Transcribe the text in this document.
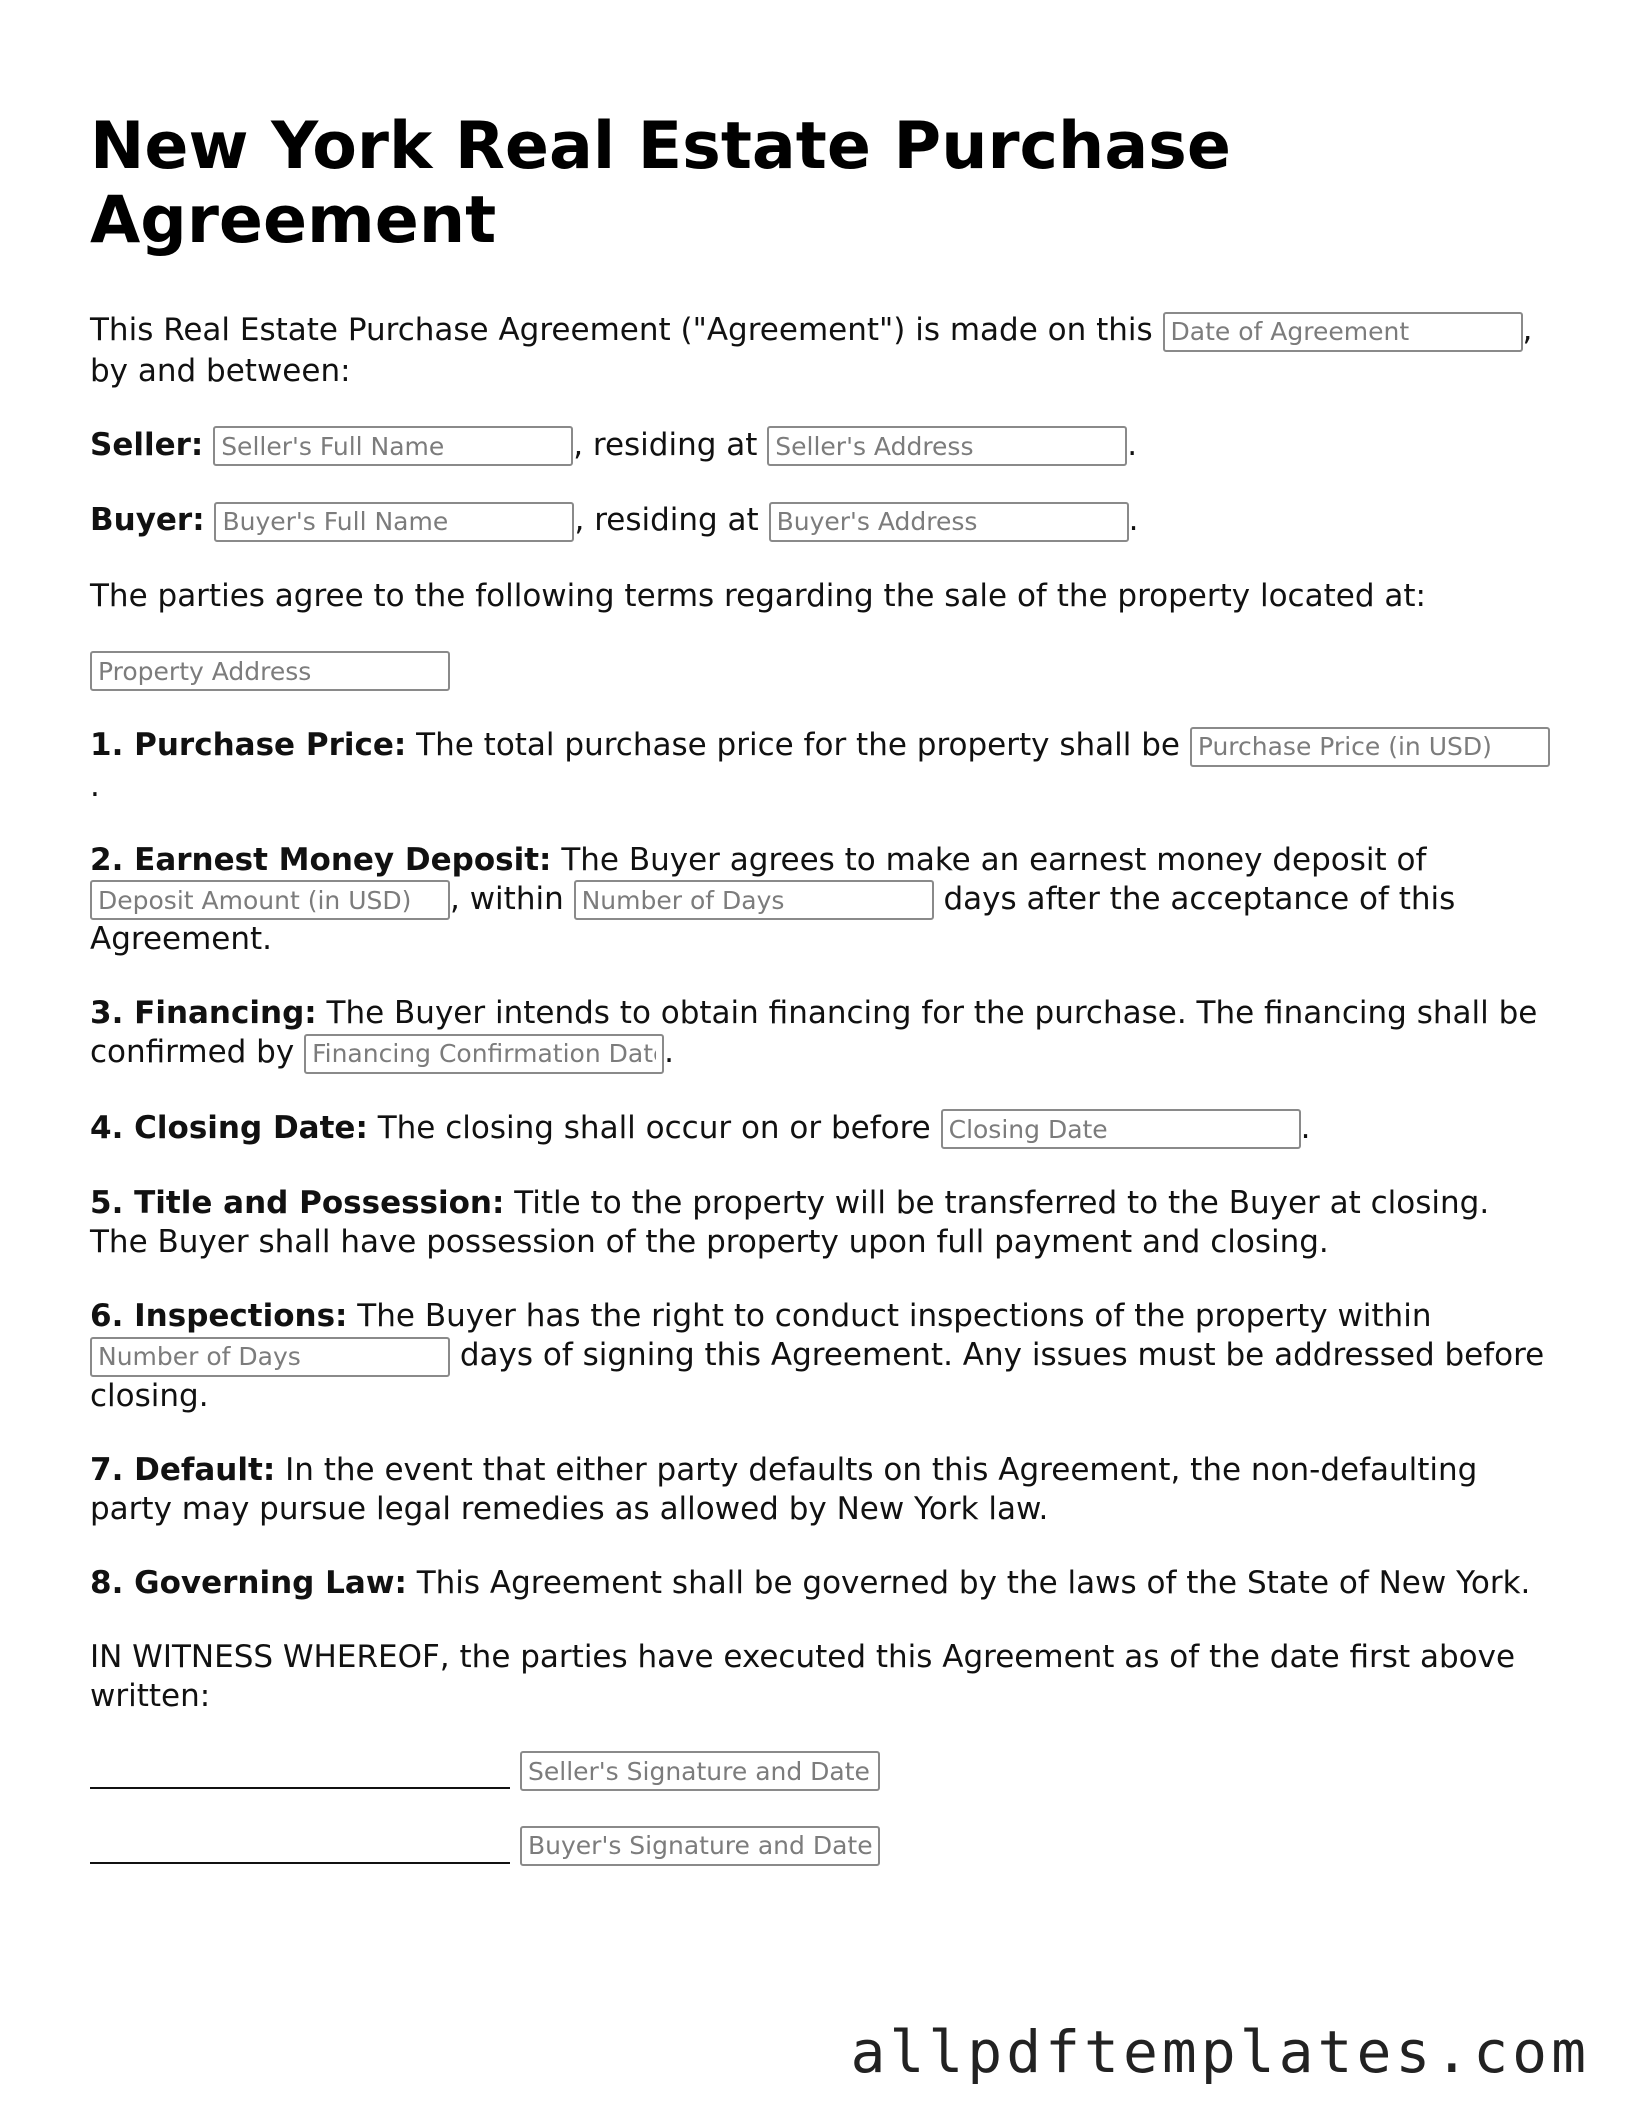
New York Real Estate Purchase Agreement

This Real Estate Purchase Agreement ("Agreement") is made on this Date of Agreement	, by and between:

Seller: Seller's Full Name	, residing at Seller's Address	.

Buyer: Buyer's Full Name	, residing at Buyer's Address	.

The parties agree to the following terms regarding the sale of the property located at:

Property Address

1. Purchase Price: The total purchase price for the property shall be Purchase Price (in USD).

2. Earnest Money Deposit: The Buyer agrees to make an earnest money deposit of Deposit Amount (in USD), within Number of Days	days after the acceptance of this Agreement.

3. Financing: The Buyer intends to obtain financing for the purchase. The financing shall be confirmed by Financing Confirmation Date	.

4. Closing Date: The closing shall occur on or before Closing Date	.

5. Title and Possession: Title to the property will be transferred to the Buyer at closing. The Buyer shall have possession of the property upon full payment and closing.

6. Inspections: The Buyer has the right to conduct inspections of the property within Number of Days days of signing this Agreement. Any issues must be addressed before closing.

7. Default: In the event that either party defaults on this Agreement, the non-defaulting party may pursue legal remedies as allowed by New York law.

8. Governing Law: This Agreement shall be governed by the laws of the State of New York.

IN WITNESS WHEREOF, the parties have executed this Agreement as of the date first above written:

Seller's Signature and Date
Buyer's Signature and Date
allpdftemplates.com
